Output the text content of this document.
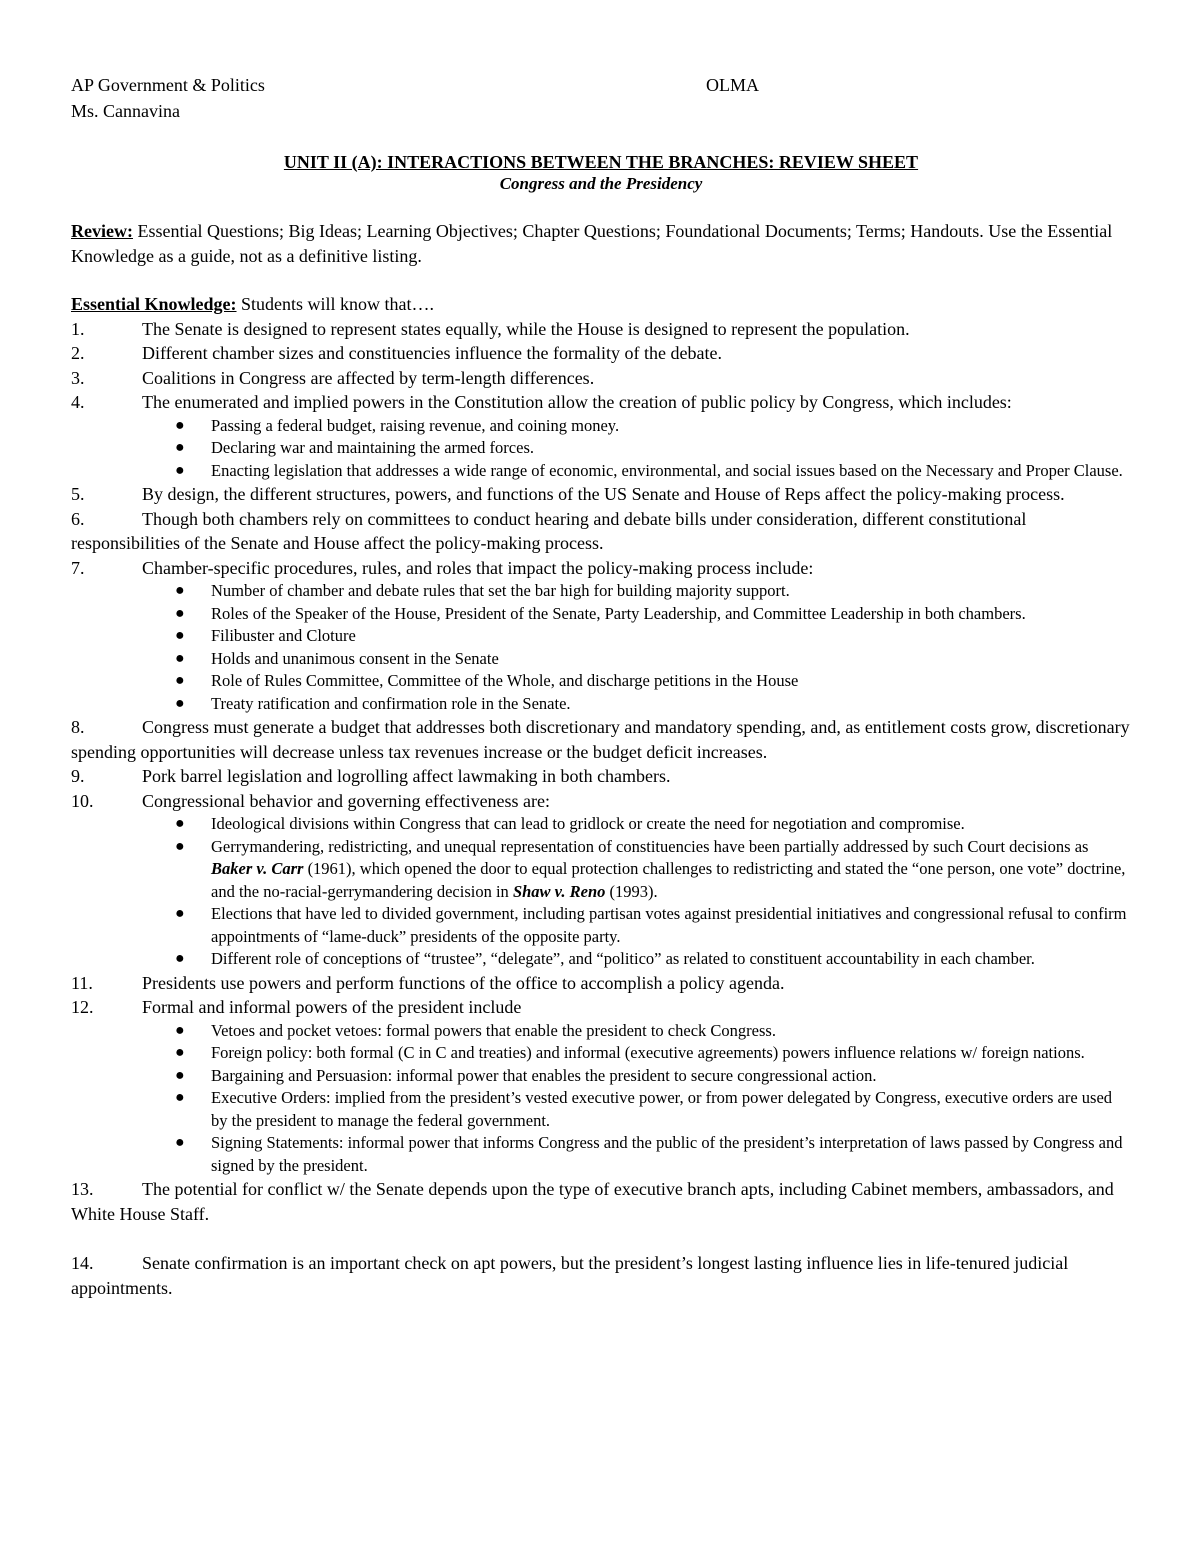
AP Government & Politics
Ms. Cannavina
OLMA
UNIT II (A): INTERACTIONS BETWEEN THE BRANCHES: REVIEW SHEET
Congress and the Presidency
Review: Essential Questions; Big Ideas; Learning Objectives; Chapter Questions; Foundational Documents; Terms; Handouts. Use the Essential Knowledge as a guide, not as a definitive listing.
Essential Knowledge: Students will know that….
1.	The Senate is designed to represent states equally, while the House is designed to represent the population.
2.	Different chamber sizes and constituencies influence the formality of the debate.
3.	Coalitions in Congress are affected by term-length differences.
4.	The enumerated and implied powers in the Constitution allow the creation of public policy by Congress, which includes:
● Passing a federal budget, raising revenue, and coining money.
● Declaring war and maintaining the armed forces.
● Enacting legislation that addresses a wide range of economic, environmental, and social issues based on the Necessary and Proper Clause.
5.	By design, the different structures, powers, and functions of the US Senate and House of Reps affect the policy-making process.
6.	Though both chambers rely on committees to conduct hearing and debate bills under consideration, different constitutional responsibilities of the Senate and House affect the policy-making process.
7.	Chamber-specific procedures, rules, and roles that impact the policy-making process include:
● Number of chamber and debate rules that set the bar high for building majority support.
● Roles of the Speaker of the House, President of the Senate, Party Leadership, and Committee Leadership in both chambers.
● Filibuster and Cloture
● Holds and unanimous consent in the Senate
● Role of Rules Committee, Committee of the Whole, and discharge petitions in the House
● Treaty ratification and confirmation role in the Senate.
8.	Congress must generate a budget that addresses both discretionary and mandatory spending, and, as entitlement costs grow, discretionary spending opportunities will decrease unless tax revenues increase or the budget deficit increases.
9.	Pork barrel legislation and logrolling affect lawmaking in both chambers.
10.	Congressional behavior and governing effectiveness are:
● Ideological divisions within Congress that can lead to gridlock or create the need for negotiation and compromise.
● Gerrymandering, redistricting, and unequal representation of constituencies have been partially addressed by such Court decisions as Baker v. Carr (1961), which opened the door to equal protection challenges to redistricting and stated the “one person, one vote” doctrine, and the no-racial-gerrymandering decision in Shaw v. Reno (1993).
● Elections that have led to divided government, including partisan votes against presidential initiatives and congressional refusal to confirm appointments of “lame-duck” presidents of the opposite party.
● Different role of conceptions of “trustee”, “delegate”, and “politico” as related to constituent accountability in each chamber.
11.	Presidents use powers and perform functions of the office to accomplish a policy agenda.
12.	Formal and informal powers of the president include
● Vetoes and pocket vetoes: formal powers that enable the president to check Congress.
● Foreign policy: both formal (C in C and treaties) and informal (executive agreements) powers influence relations w/ foreign nations.
● Bargaining and Persuasion: informal power that enables the president to secure congressional action.
● Executive Orders: implied from the president’s vested executive power, or from power delegated by Congress, executive orders are used by the president to manage the federal government.
● Signing Statements: informal power that informs Congress and the public of the president’s interpretation of laws passed by Congress and signed by the president.
13.	The potential for conflict w/ the Senate depends upon the type of executive branch apts, including Cabinet members, ambassadors, and White House Staff.
14.	Senate confirmation is an important check on apt powers, but the president’s longest lasting influence lies in life-tenured judicial appointments.
